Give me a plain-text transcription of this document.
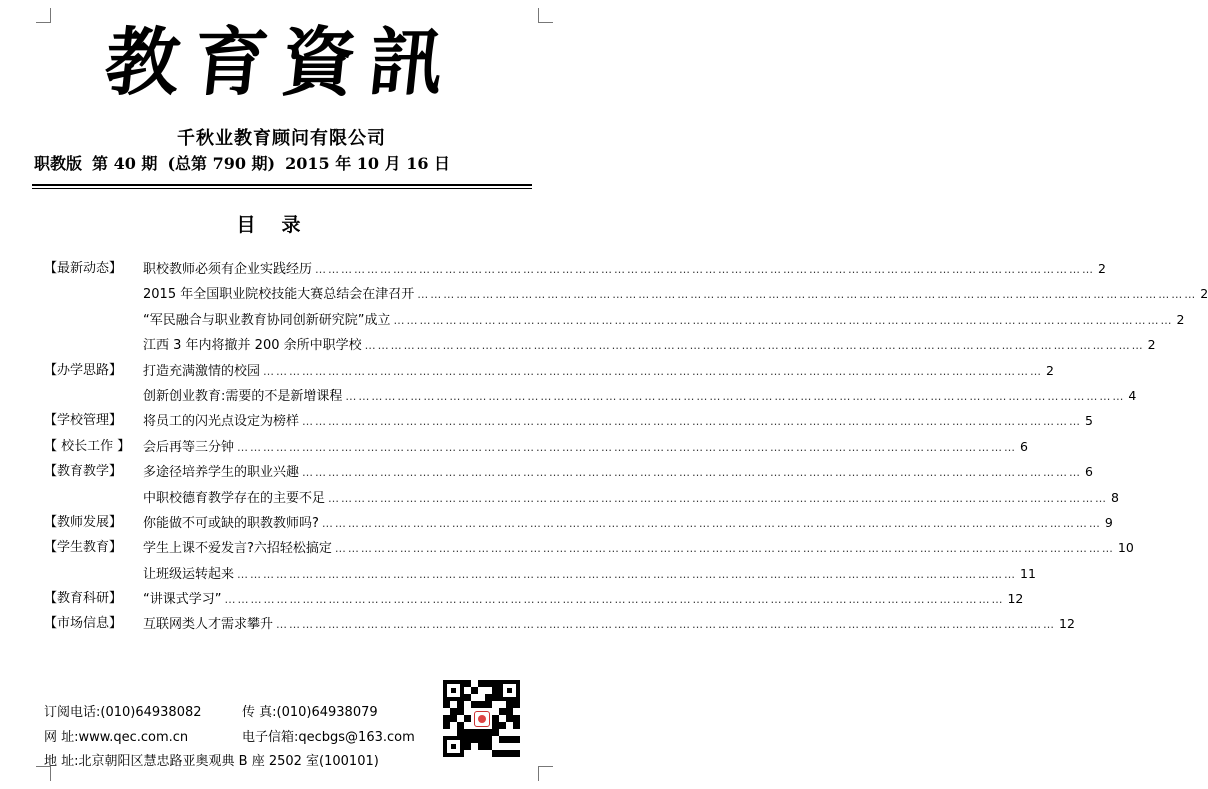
教育資訊
千秋业教育顾问有限公司
职教版 第 40 期 (总第 790 期) 2015 年 10 月 16 日
目录
【最新动态】 职校教师必须有企业实践经历 ……………………………………………………………………………………………………………………………………………………………… 2
2015 年全国职业院校技能大赛总结会在津召开 ……………………………………………………………………………………………………………………………………………………………… 2
“军民融合与职业教育协同创新研究院”成立 ……………………………………………………………………………………………………………………………………………………………… 2
江西 3 年内将撤并 200 余所中职学校 ……………………………………………………………………………………………………………………………………………………………… 2
【办学思路】 打造充满激情的校园 ……………………………………………………………………………………………………………………………………………………………… 2
创新创业教育:需要的不是新增课程 ……………………………………………………………………………………………………………………………………………………………… 4
【学校管理】 将员工的闪光点设定为榜样 ……………………………………………………………………………………………………………………………………………………………… 5
【 校长工作 】 会后再等三分钟 ……………………………………………………………………………………………………………………………………………………………… 6
【教育教学】 多途径培养学生的职业兴趣 ……………………………………………………………………………………………………………………………………………………………… 6
中职校德育教学存在的主要不足 ……………………………………………………………………………………………………………………………………………………………… 8
【教师发展】 你能做不可或缺的职教教师吗? ……………………………………………………………………………………………………………………………………………………………… 9
【学生教育】 学生上课不爱发言?六招轻松搞定 ……………………………………………………………………………………………………………………………………………………………… 10
让班级运转起来 ……………………………………………………………………………………………………………………………………………………………… 11
【教育科研】 “讲课式学习” ……………………………………………………………………………………………………………………………………………………………… 12
【市场信息】 互联网类人才需求攀升 ……………………………………………………………………………………………………………………………………………………………… 12
订阅电话:(010)64938082	传 真:(010)64938079
网 址:www.qec.com.cn	电子信箱:qecbgs@163.com
地 址:北京朝阳区慧忠路亚奥观典 B 座 2502 室(100101)
